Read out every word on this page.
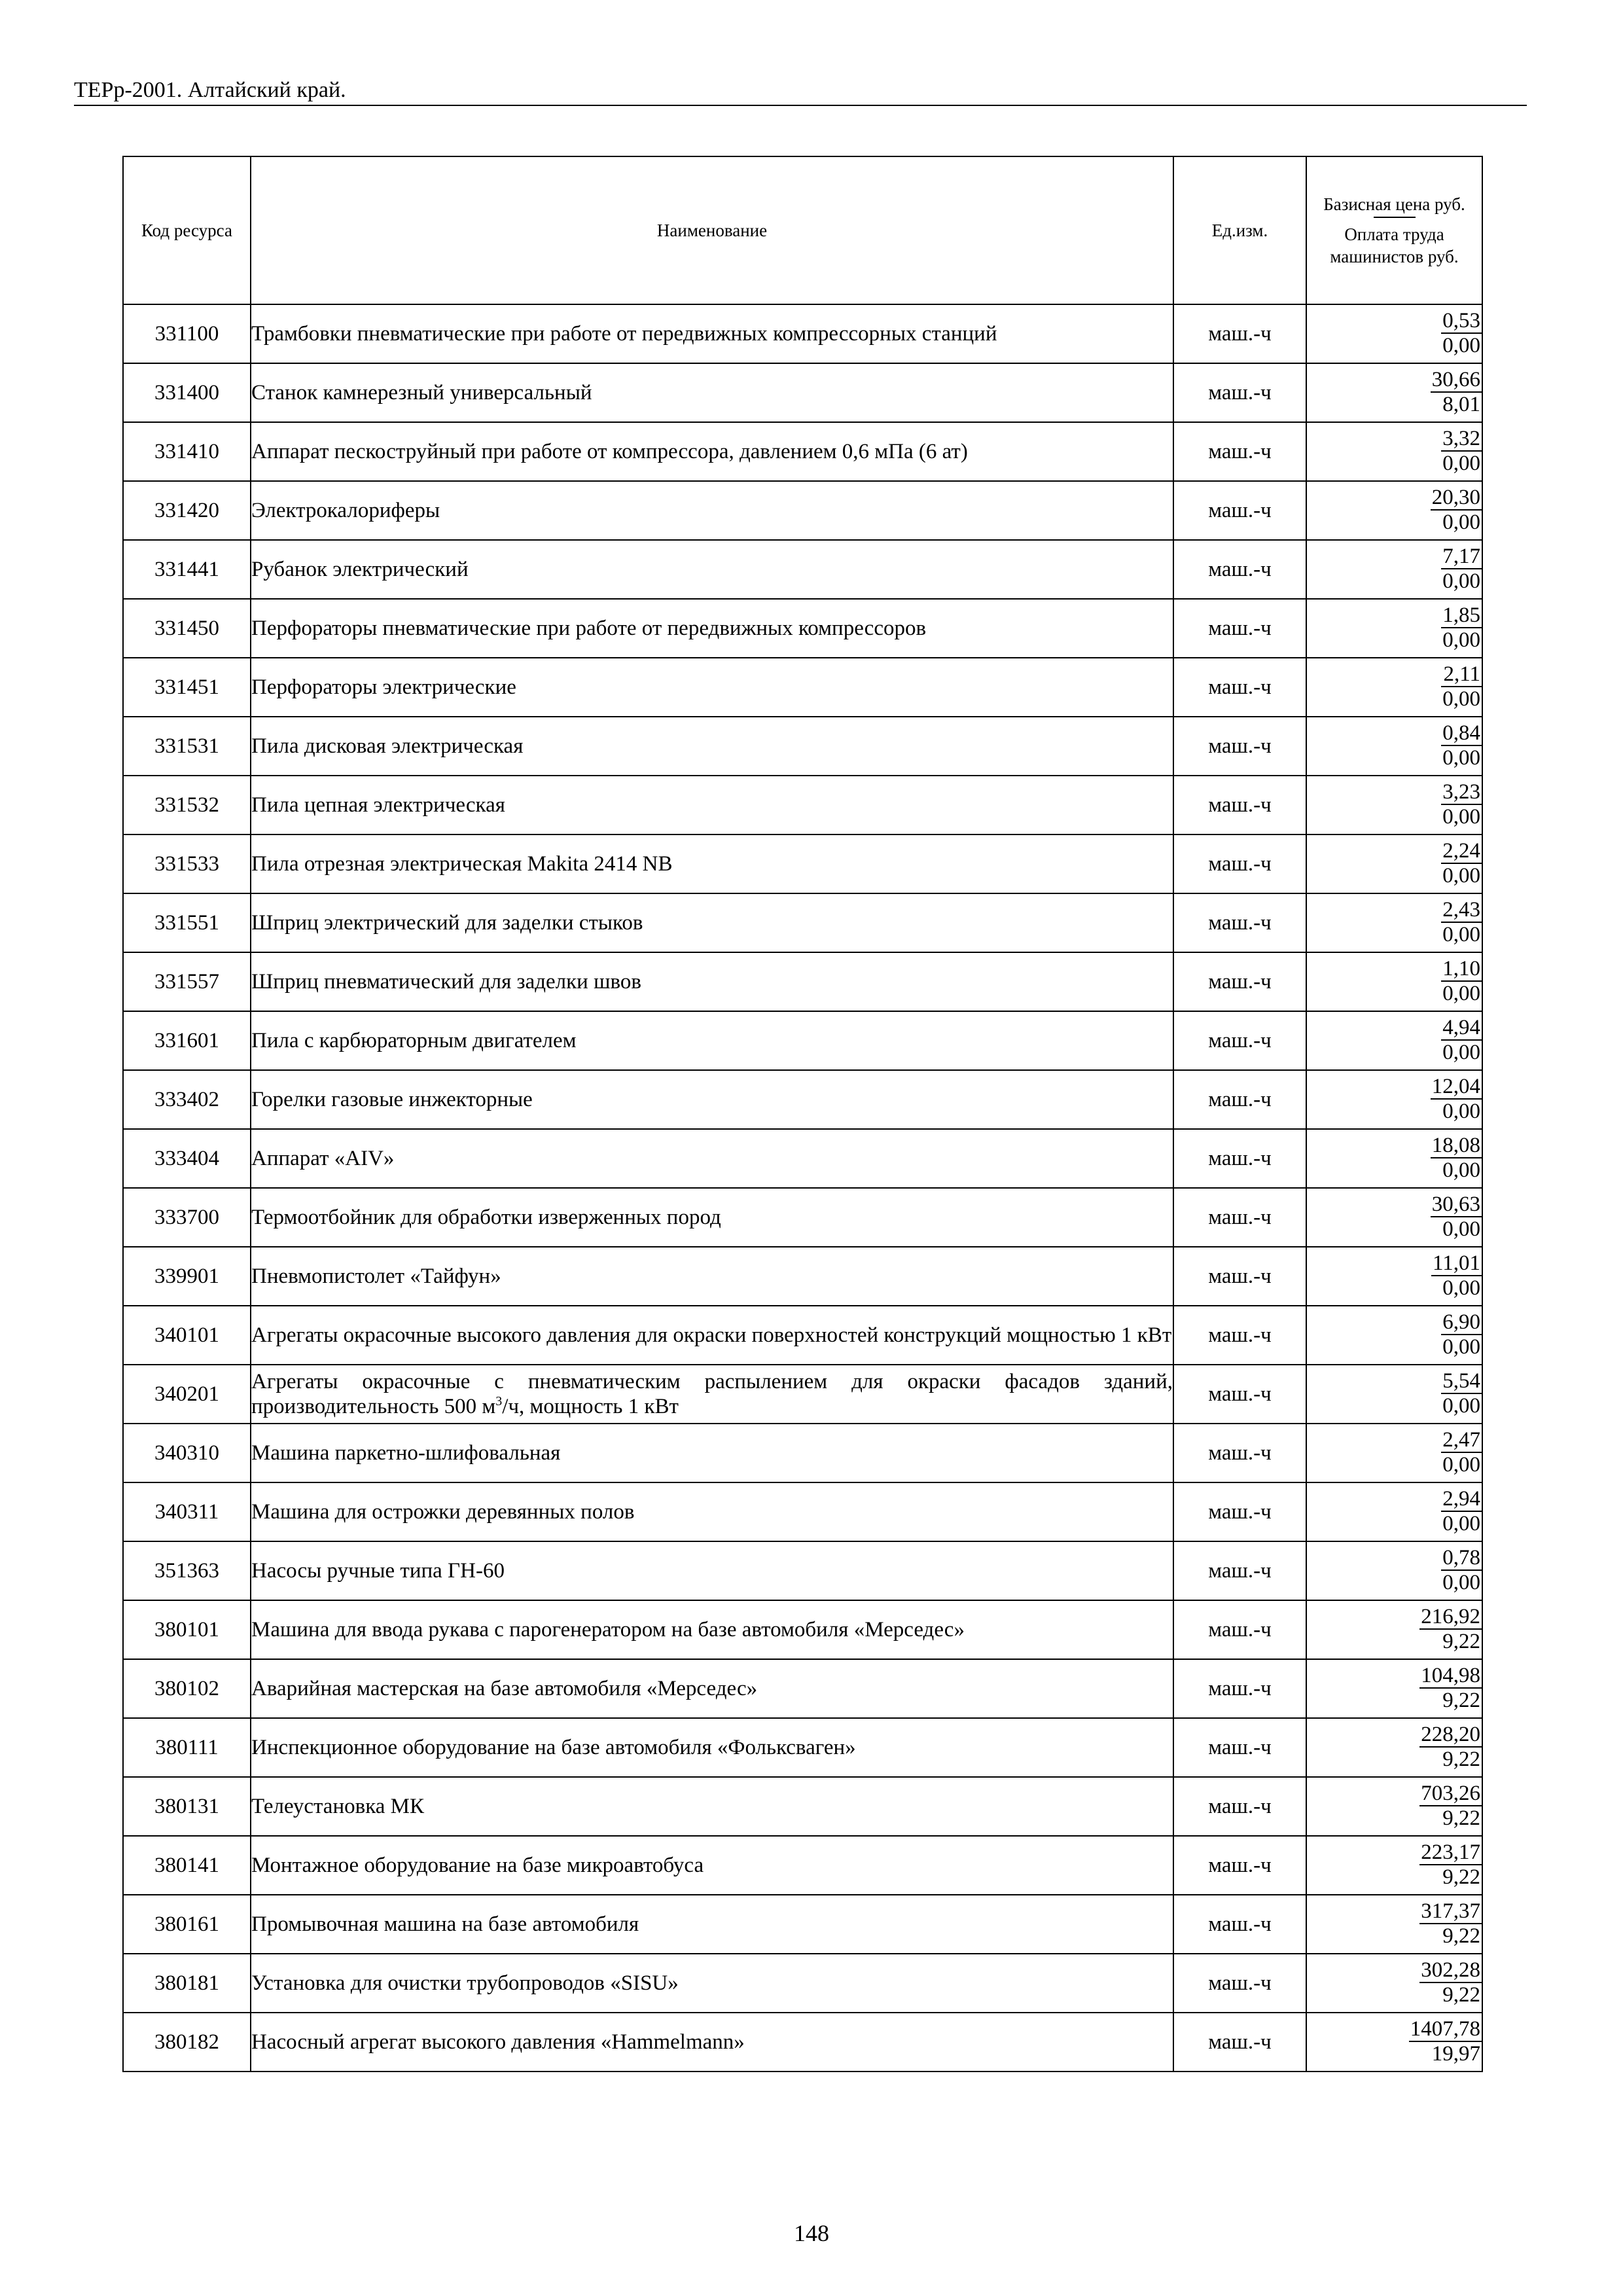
ТЕРр-2001. Алтайский край.
Код ресурса	Наименование	Ед.изм.	Базисная цена руб.
Оплата труда машинистов руб.

331100	Трамбовки пневматические при работе от передвижных компрессорных станций	маш.-ч	$\frac{0,53}{0,00}$

331400	Станок камнерезный универсальный	маш.-ч	$\frac{30,66}{8,01}$

331410	Аппарат пескоструйный при работе от компрессора, давлением 0,6 мПа (6 ат)	маш.-ч	$\frac{3,32}{0,00}$

331420	Электрокалориферы	маш.-ч	$\frac{20,30}{0,00}$

331441	Рубанок электрический	маш.-ч	$\frac{7,17}{0,00}$

331450	Перфораторы пневматические при работе от передвижных компрессоров	маш.-ч	$\frac{1,85}{0,00}$

331451	Перфораторы электрические	маш.-ч	$\frac{2,11}{0,00}$

331531	Пила дисковая электрическая	маш.-ч	$\frac{0,84}{0,00}$

331532	Пила цепная электрическая	маш.-ч	$\frac{3,23}{0,00}$

331533	Пила отрезная электрическая Makita 2414 NB	маш.-ч	$\frac{2,24}{0,00}$

331551	Шприц электрический для заделки стыков	маш.-ч	$\frac{2,43}{0,00}$

331557	Шприц пневматический для заделки швов	маш.-ч	$\frac{1,10}{0,00}$

331601	Пила с карбюраторным двигателем	маш.-ч	$\frac{4,94}{0,00}$

333402	Горелки газовые инжекторные	маш.-ч	$\frac{12,04}{0,00}$

333404	Аппарат «AIV»	маш.-ч	$\frac{18,08}{0,00}$

333700	Термоотбойник для обработки изверженных пород	маш.-ч	$\frac{30,63}{0,00}$

339901	Пневмопистолет «Тайфун»	маш.-ч	$\frac{11,01}{0,00}$

340101	Агрегаты окрасочные высокого давления для окраски поверхностей конструкций мощностью 1 кВт	маш.-ч	$\frac{6,90}{0,00}$

340201	Агрегаты окрасочные с пневматическим распылением для окраски фасадов зданий, производительность 500 $м^3/ч$, мощность 1 кВт	маш.-ч	$\frac{5,54}{0,00}$

340310	Машина паркетно-шлифовальная	маш.-ч	$\frac{2,47}{0,00}$

340311	Машина для острожки деревянных полов	маш.-ч	$\frac{2,94}{0,00}$

351363	Насосы ручные типа ГН-60	маш.-ч	$\frac{0,78}{0,00}$

380101	Машина для ввода рукава с парогенератором на базе автомобиля «Мерседес»	маш.-ч	$\frac{216,92}{9,22}$

380102	Аварийная мастерская на базе автомобиля «Мерседес»	маш.-ч	$\frac{104,98}{9,22}$

380111	Инспекционное оборудование на базе автомобиля «Фольксваген»	маш.-ч	$\frac{228,20}{9,22}$

380131	Телеустановка МК	маш.-ч	$\frac{703,26}{9,22}$

380141	Монтажное оборудование на базе микроавтобуса	маш.-ч	$\frac{223,17}{9,22}$

380161	Промывочная машина на базе автомобиля	маш.-ч	$\frac{317,37}{9,22}$

380181	Установка для очистки трубопроводов «SISU»	маш.-ч	$\frac{302,28}{9,22}$

380182	Насосный агрегат высокого давления «Hammelmann»	маш.-ч	$\frac{1407,78}{19,97}$
148
